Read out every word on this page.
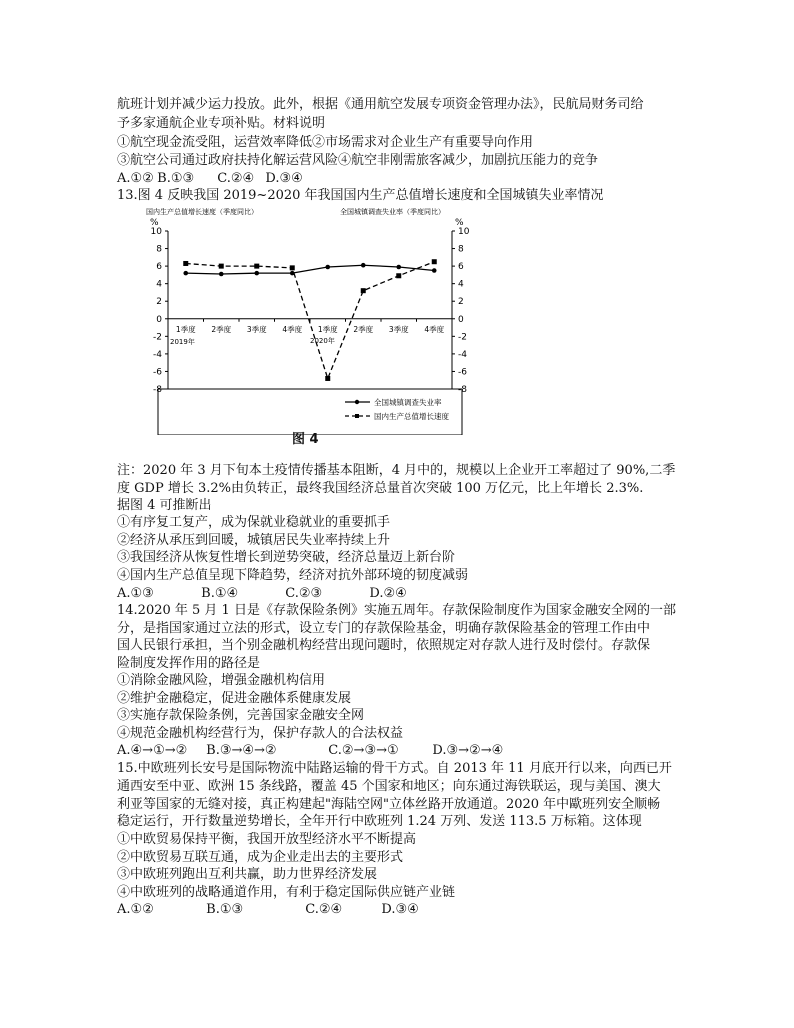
航班计划并减少运力投放。此外，根据《通用航空发展专项资金管理办法》，民航局财务司给
予多家通航企业专项补贴。材料说明
①航空现金流受阻，运营效率降低②市场需求对企业生产有重要导向作用
③航空公司通过政府扶持化解运营风险④航空非刚需旅客减少，加剧抗压能力的竞争
A.①② B.①③ C.②④ D.③④
13.图 4 反映我国 2019~2020 年我国国内生产总值增长速度和全国城镇失业率情况
国内生产总值增长速度（季度同比）	全国城镇调查失业率（季度同比）
%	%
10	10
8	8
6	6
4	4
2	2
0	0
-2	-2
-4	-4
-6	-6
-8	-8
1季度 2季度 3季度 4季度 1季度 2季度 3季度 4季度
2019年	2020年
全国城镇调查失业率
国内生产总值增长速度
图 4
注：2020 年 3 月下旬本土疫情传播基本阻断，4 月中的，规模以上企业开工率超过了 90%,二季
度 GDP 增长 3.2%由负转正，最终我国经济总量首次突破 100 万亿元，比上年增长 2.3%.
据图 4 可推断出
①有序复工复产，成为保就业稳就业的重要抓手
②经济从承压到回暖，城镇居民失业率持续上升
③我国经济从恢复性增长到逆势突破，经济总量迈上新台阶
④国内生产总值呈现下降趋势，经济对抗外部环境的韧度减弱
A.①③	B.①④	C.②③	D.②④
14.2020 年 5 月 1 日是《存款保险条例》实施五周年。存款保险制度作为国家金融安全网的一部
分，是指国家通过立法的形式，设立专门的存款保险基金，明确存款保险基金的管理工作由中
国人民银行承担，当个别金融机构经营出现问题时，依照规定对存款人进行及时偿付。存款保
险制度发挥作用的路径是
①消除金融风险，增强金融机构信用
②维护金融稳定，促进金融体系健康发展
③实施存款保险条例，完善国家金融安全网
④规范金融机构经营行为，保护存款人的合法权益
A.④→①→② B.③→④→②	C.②→③→①	D.③→②→④
15.中欧班列长安号是国际物流中陆路运输的骨干方式。自 2013 年 11 月底开行以来，向西已开
通西安至中亚、欧洲 15 条线路，覆盖 45 个国家和地区；向东通过海铁联运，现与美国、澳大
利亚等国家的无缝对接，真正构建起"海陆空网"立体丝路开放通道。2020 年中歐班列安全顺畅
稳定运行，开行数量逆势增长，全年开行中欧班列 1.24 万列、发送 113.5 万标箱。这体现
①中欧贸易保持平衡，我国开放型经济水平不断提高
②中欧贸易互联互通，成为企业走出去的主要形式
③中欧班列跑出互利共赢，助力世界经济发展
④中欧班列的战略通道作用，有利于稳定国际供应链产业链
A.①②	B.①③	C.②④	D.③④
